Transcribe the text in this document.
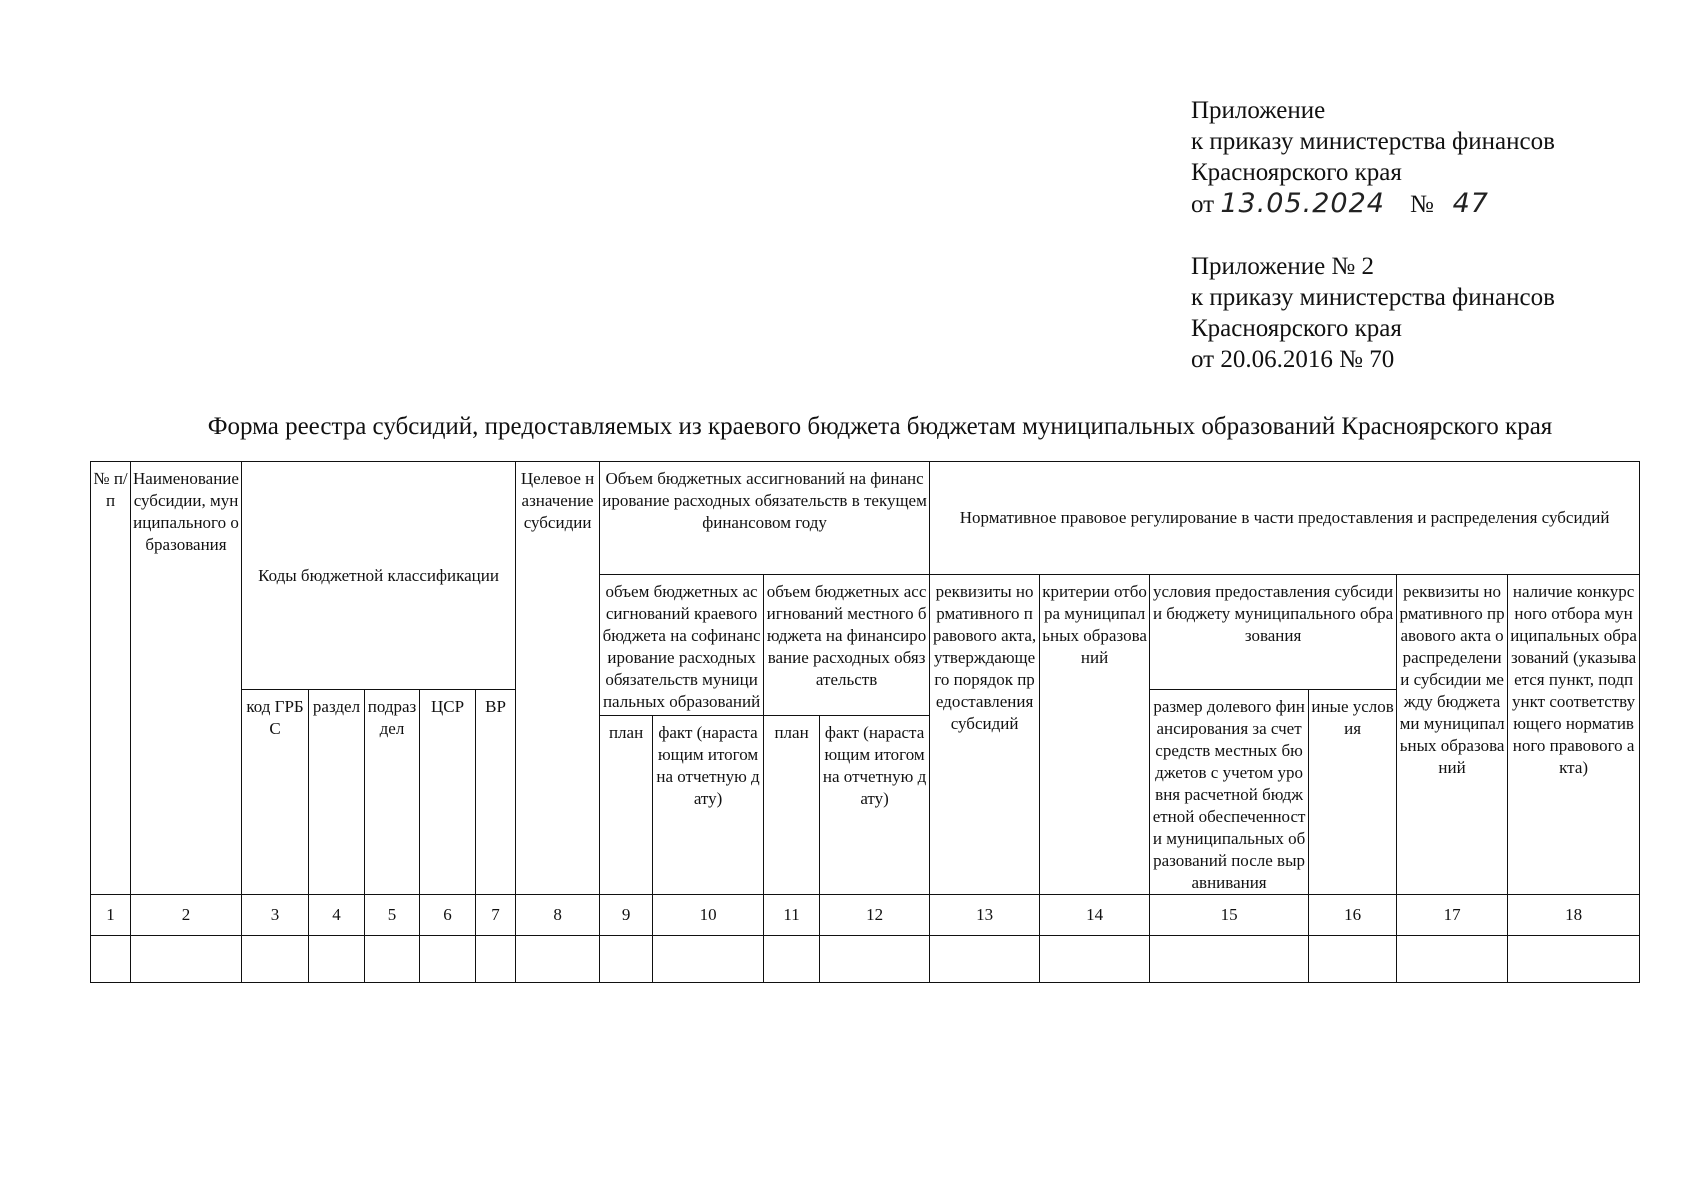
Приложение
к приказу министерства финансов
Красноярского края
от 13.05.2024 № 47
Приложение № 2
к приказу министерства финансов
Красноярского края
от 20.06.2016 № 70
Форма реестра субсидий, предоставляемых из краевого бюджета бюджетам муниципальных образований Красноярского края
№ п/п	Наименование субсидии, муниципального образования	Коды бюджетной классификации					Целевое назначение субсидии	Объем бюджетных ассигнований на финансирование расходных обязательств в текущем финансовом году				Нормативное правовое регулирование в части предоставления и распределения субсидий					
								объем бюджетных ассигнований краевого бюджета на софинансирование расходных обязательств муниципальных образований		объем бюджетных ассигнований местного бюджета на финансирование расходных обязательств		реквизиты нормативного правового акта, утверждающего порядок предоставления субсидий	критерии отбора муниципальных образований	условия предоставления субсидии бюджету муниципального образования		реквизиты нормативного правового акта о распределении субсидии между бюджетами муниципальных образований	наличие конкурсного отбора муниципальных образований (указывается пункт, подпункт соответствующего нормативного правового акта)
		код ГРБС	раздел	подраздел	ЦСР	ВР								размер долевого финансирования за счет средств местных бюджетов с учетом уровня расчетной бюджетной обеспеченности муниципальных образований после выравнивания	иные условия		
								план	факт (нарастающим итогом на отчетную дату)	план	факт (нарастающим итогом на отчетную дату)						
1	2	3	4	5	6	7	8	9	10	11	12	13	14	15	16	17	18
